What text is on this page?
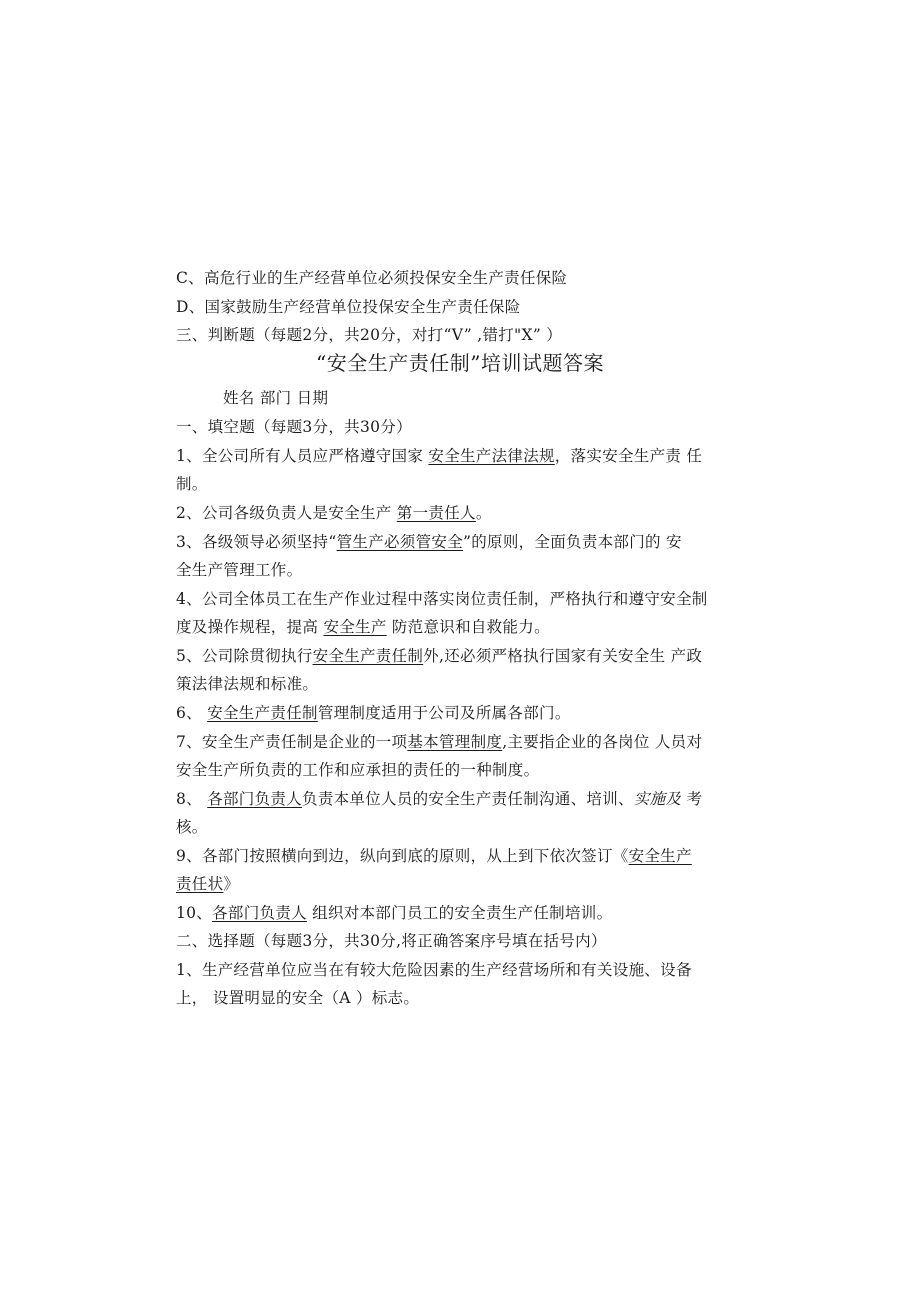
C、高危行业的生产经营单位必须投保安全生产责任保险
D、国家鼓励生产经营单位投保安全生产责任保险
三、判断题（每题2分，共20分，对打“V” ,错打"X” ）
“安全生产责任制”培训试题答案
姓名 部门 日期
一、填空题（每题3分，共30分）
1、全公司所有人员应严格遵守国家 安全生产法律法规，落实安全生产责 任
制。
2、公司各级负责人是安全生产 第一责任人。
3、各级领导必须坚持“管生产必须管安全”的原则，全面负责本部门的 安
全生产管理工作。
4、公司全体员工在生产作业过程中落实岗位责任制，严格执行和遵守安全制
度及操作规程，提高 安全生产 防范意识和自救能力。
5、公司除贯彻执行安全生产责任制外,还必须严格执行国家有关安全生 产政
策法律法规和标准。
6、 安全生产责任制管理制度适用于公司及所属各部门。
7、安全生产责任制是企业的一项基本管理制度,主要指企业的各岗位 人员对
安全生产所负责的工作和应承担的责任的一种制度。
8、 各部门负责人负责本单位人员的安全生产责任制沟通、培训、实施及 考
核。
9、各部门按照横向到边，纵向到底的原则，从上到下依次签订《安全生产
责任状》
10、各部门负责人 组织对本部门员工的安全责生产任制培训。
二、选择题（每题3分，共30分,将正确答案序号填在括号内）
1、生产经营单位应当在有较大危险因素的生产经营场所和有关设施、设备
上， 设置明显的安全（A ）标志。
